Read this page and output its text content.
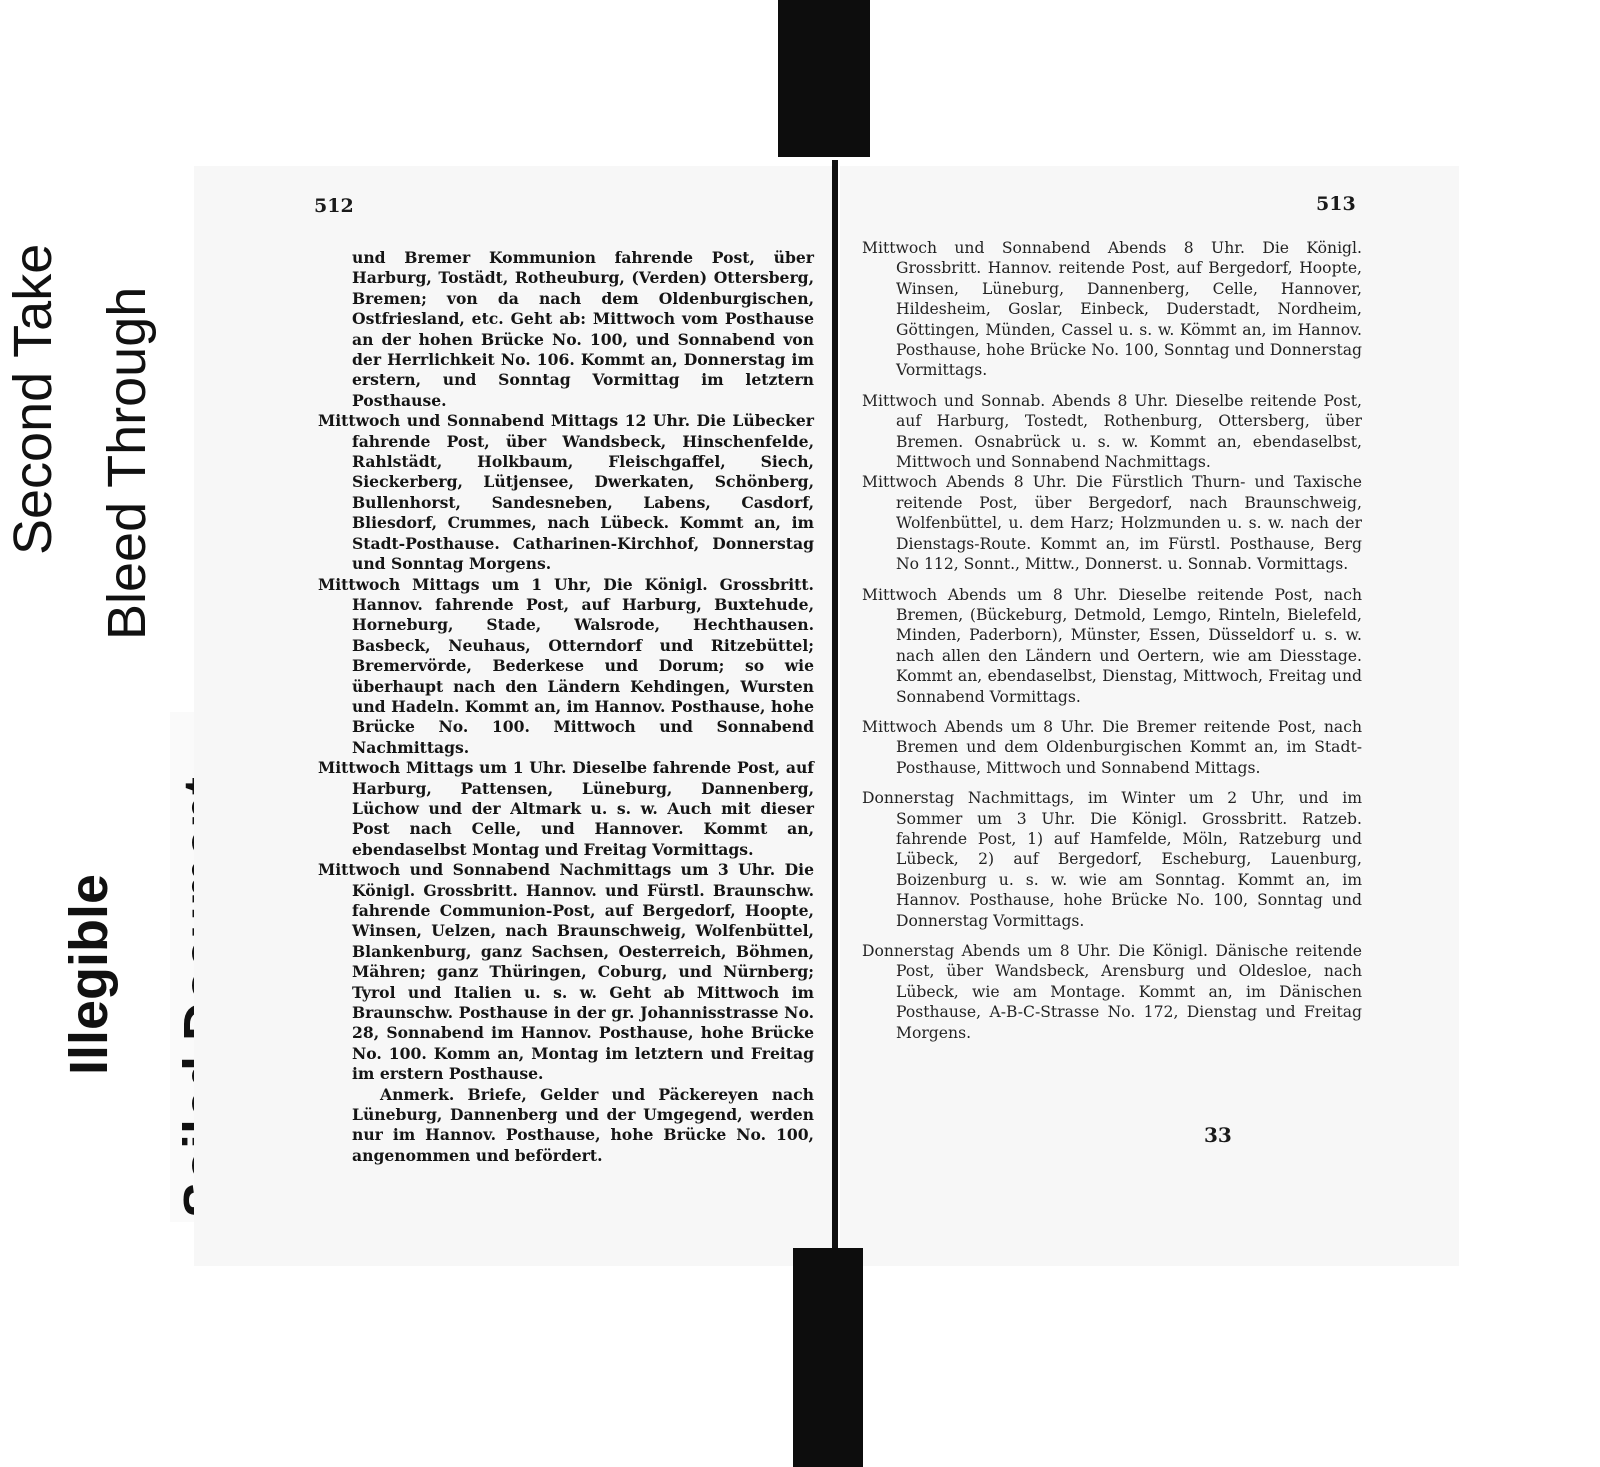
Second Take Bleed Through
Illegible
512	513

und Bremer Kommunion fahrende Post, über Harburg, Tostädt, Rotheuburg, (Verden) Ottersberg, Bremen; von da nach dem Oldenburgischen, Ostfriesland, etc. Geht ab: Mittwoch vom Posthause an der hohen Brücke No. 100, und Sonnabend von der Herrlichkeit No. 106. Kommt an, Donnerstag im erstern, und Sonntag Vormittag im letztern Posthause.

Mittwoch und Sonnabend Mittags 12 Uhr. Die Lübecker fahrende Post, über Wandsbeck, Hinschenfelde, Rahlstädt, Holkbaum, Fleischgaffel, Siech, Sieckerberg, Lütjensee, Dwerkaten, Schönberg, Bullenhorst, Sandesneben, Labens, Casdorf, Bliesdorf, Crummes, nach Lübeck. Kommt an, im Stadt-Posthause. Catharinen-Kirchhof, Donnerstag und Sonntag Morgens.

Mittwoch Mittags um 1 Uhr, Die Königl. Grossbritt. Hannov. fahrende Post, auf Harburg, Buxtehude, Horneburg, Stade, Walsrode, Hechthausen. Basbeck, Neuhaus, Otterndorf und Ritzebüttel; Bremervörde, Bederkese und Dorum; so wie überhaupt nach den Ländern Kehdingen, Wursten und Hadeln. Kommt an, im Hannov. Posthause, hohe Brücke No. 100. Mittwoch und Sonnabend Nachmittags.

Mittwoch Mittags um 1 Uhr. Dieselbe fahrende Post, auf Harburg, Pattensen, Lüneburg, Dannenberg, Lüchow und der Altmark u. s. w. Auch mit dieser Post nach Celle, und Hannover. Kommt an, ebendaselbst Montag und Freitag Vormittags.

Mittwoch und Sonnabend Nachmittags um 3 Uhr. Die Königl. Grossbritt. Hannov. und Fürstl. Braunschw. fahrende Communion-Post, auf Bergedorf, Hoopte, Winsen, Uelzen, nach Braunschweig, Wolfenbüttel, Blankenburg, ganz Sachsen, Oesterreich, Böhmen, Mähren; ganz Thüringen, Coburg, und Nürnberg; Tyrol und Italien u. s. w. Geht ab Mittwoch im Braunschw. Posthause in der gr. Johannisstrasse No. 28, Sonnabend im Hannov. Posthause, hohe Brücke No. 100. Komm an, Montag im letztern und Freitag im erstern Posthause.

Anmerk. Briefe, Gelder und Päckereyen nach Lüneburg, Dannenberg und der Umgegend, werden nur im Hannov. Posthause, hohe Brücke No. 100, angenommen und befördert.

Mittwoch und Sonnabend Abends 8 Uhr. Die Königl. Grossbritt. Hannov. reitende Post, auf Bergedorf, Hoopte, Winsen, Lüneburg, Dannenberg, Celle, Hannover, Hildesheim, Goslar, Einbeck, Duderstadt, Nordheim, Göttingen, Münden, Cassel u. s. w. Kömmt an, im Hannov. Posthause, hohe Brücke No. 100, Sonntag und Donnerstag Vormittags.

Mittwoch und Sonnab. Abends 8 Uhr. Dieselbe reitende Post, auf Harburg, Tostedt, Rothenburg, Ottersberg, über Bremen. Osnabrück u. s. w. Kommt an, ebendaselbst, Mittwoch und Sonnabend Nachmittags.

Mittwoch Abends 8 Uhr. Die Fürstlich Thurn- und Taxische reitende Post, über Bergedorf, nach Braunschweig, Wolfenbüttel, u. dem Harz; Holzmunden u. s. w. nach der Dienstags-Route. Kommt an, im Fürstl. Posthause, Berg No 112, Sonnt., Mittw., Donnerst. u. Sonnab. Vormittags.

Mittwoch Abends um 8 Uhr. Dieselbe reitende Post, nach Bremen, (Bückeburg, Detmold, Lemgo, Rinteln, Bielefeld, Minden, Paderborn), Münster, Essen, Düsseldorf u. s. w. nach allen den Ländern und Oertern, wie am Diesstage. Kommt an, ebendaselbst, Dienstag, Mittwoch, Freitag und Sonnabend Vormittags.

Mittwoch Abends um 8 Uhr. Die Bremer reitende Post, nach Bremen und dem Oldenburgischen Kommt an, im Stadt-Posthause, Mittwoch und Sonnabend Mittags.

Donnerstag Nachmittags, im Winter um 2 Uhr, und im Sommer um 3 Uhr. Die Königl. Grossbritt. Ratzeb. fahrende Post, 1) auf Hamfelde, Möln, Ratzeburg und Lübeck, 2) auf Bergedorf, Escheburg, Lauenburg, Boizenburg u. s. w. wie am Sonntag. Kommt an, im Hannov. Posthause, hohe Brücke No. 100, Sonntag und Donnerstag Vormittags.

Donnerstag Abends um 8 Uhr. Die Königl. Dänische reitende Post, über Wandsbeck, Arensburg und Oldesloe, nach Lübeck, wie am Montage. Kommt an, im Dänischen Posthause, A-B-C-Strasse No. 172, Dienstag und Freitag Morgens.

33
